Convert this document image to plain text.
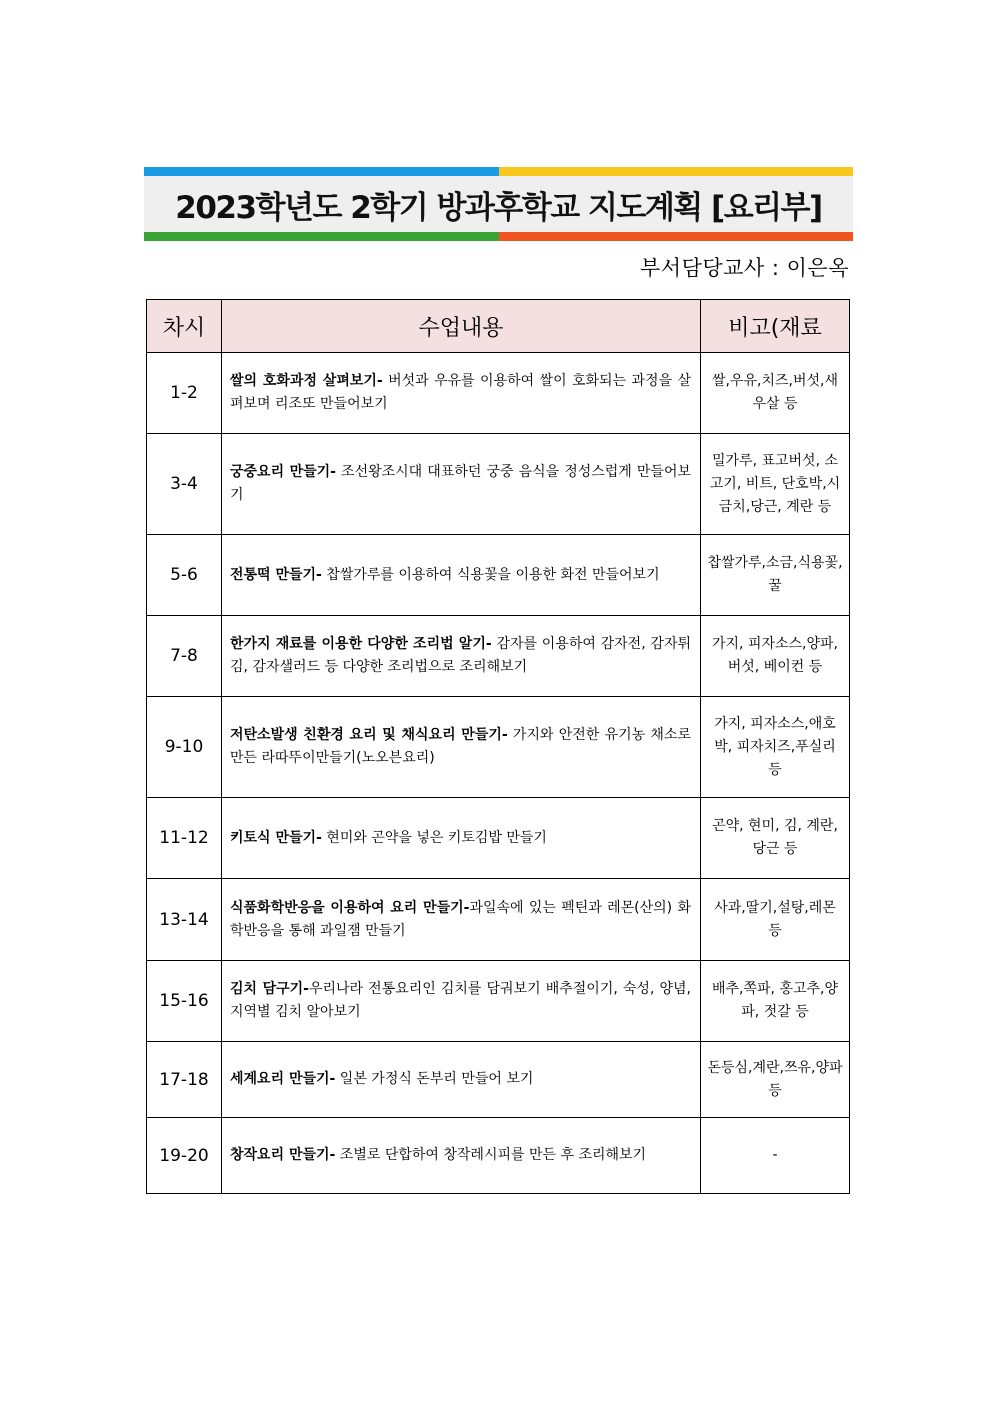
2023학년도 2학기 방과후학교 지도계획 [요리부]
부서담당교사 : 이은옥
차시	수업내용	비고(재료
1-2	쌀의 호화과정 살펴보기- 버섯과 우유를 이용하여 쌀이 호화되는 과정을 살펴보며 리조또 만들어보기	쌀,우유,치즈,버섯,새우살 등
3-4	궁중요리 만들기- 조선왕조시대 대표하던 궁중 음식을 정성스럽게 만들어보기	밀가루, 표고버섯, 소고기, 비트, 단호박,시금치,당근, 계란 등
5-6	전통떡 만들기- 찹쌀가루를 이용하여 식용꽃을 이용한 화전 만들어보기	찹쌀가루,소금,식용꽃, 꿀
7-8	한가지 재료를 이용한 다양한 조리법 알기- 감자를 이용하여 감자전, 감자튀김, 감자샐러드 등 다양한 조리법으로 조리해보기	가지, 피자소스,양파, 버섯, 베이컨 등
9-10	저탄소발생 친환경 요리 및 채식요리 만들기- 가지와 안전한 유기농 채소로 만든 라따뚜이만들기(노오븐요리)	가지, 피자소스,애호박, 피자치즈,푸실리 등
11-12	키토식 만들기- 현미와 곤약을 넣은 키토김밥 만들기	곤약, 현미, 김, 계란,당근 등
13-14	식품화학반응을 이용하여 요리 만들기-과일속에 있는 펙틴과 레몬(산의) 화학반응을 통해 과일잼 만들기	사과,딸기,설탕,레몬 등
15-16	김치 담구기-우리나라 전통요리인 김치를 담궈보기 배추절이기, 숙성, 양념, 지역별 김치 알아보기	배추,쪽파, 홍고추,양파, 젓갈 등
17-18	세계요리 만들기- 일본 가정식 돈부리 만들어 보기	돈등심,계란,쯔유,양파 등
19-20	창작요리 만들기- 조별로 단합하여 창작레시피를 만든 후 조리해보기	-
